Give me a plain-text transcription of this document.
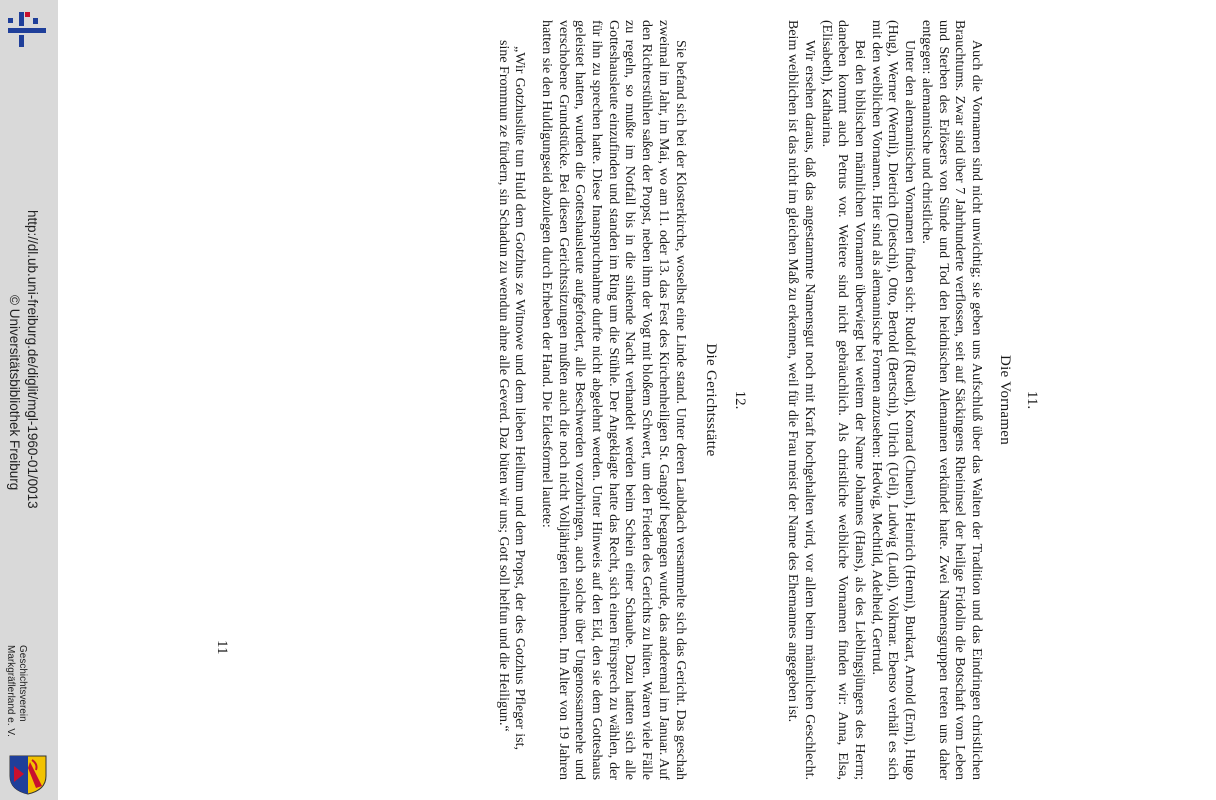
http://dl.ub.uni-freiburg.de/diglit/mgl-1960-01/0013
© Universitätsbibliothek Freiburg
Geschichtsverein
Markgräflerland e. V.

11.

Die Vornamen

Auch die Vornamen sind nicht unwichtig; sie geben uns Aufschluß über das Walten der Tradition und das Eindringen christlichen Brauchtums. Zwar sind über 7 Jahrhunderte verflossen, seit auf Säckingens Rheininsel der heilige Fridolin die Botschaft vom Leben und Sterben des Erlösers von Sünde und Tod den heidnischen Alemannen verkündet hatte. Zwei Namensgruppen treten uns daher entgegen: alemannische und christliche.

Unter den alemannischen Vornamen finden sich: Rudolf (Ruedi), Konrad (Chueni), Heinrich (Henni), Burkart, Arnold (Erni), Hugo (Hug), Werner (Wernli), Dietrich (Dietschi), Otto, Bertold (Bertschi), Ulrich (Ueli), Ludwig (Ludi), Volkmar. Ebenso verhält es sich mit den weiblichen Vornamen. Hier sind als alemannische Formen anzusehen: Hedwig, Mechtild, Adelheid, Gertrud.

Bei den biblischen männlichen Vornamen überwiegt bei weitem der Name Johannes (Hans), als des Lieblingsjüngers des Herrn; daneben kommt auch Petrus vor. Weitere sind nicht gebräuchlich. Als christliche weibliche Vornamen finden wir: Anna, Elsa, (Elisabeth), Katharina.

Wir ersehen daraus, daß das angestammte Namensgut noch mit Kraft hochgehalten wird, vor allem beim männlichen Geschlecht. Beim weiblichen ist das nicht im gleichen Maß zu erkennen, weil für die Frau meist der Name des Ehemannes angegeben ist.

12.

Die Gerichtsstätte

Sie befand sich bei der Klosterkirche, woselbst eine Linde stand. Unter deren Laubdach versammelte sich das Gericht. Das geschah zweimal im Jahr, im Mai, wo am 11. oder 13. das Fest des Kirchenheiligen St. Gangolf begangen wurde, das anderemal im Januar. Auf den Richterstühlen saßen der Propst, neben ihm der Vogt mit bloßem Schwert, um den Frieden des Gerichts zu hüten. Waren viele Fälle zu regeln, so mußte im Notfall bis in die sinkende Nacht verhandelt werden beim Schein einer Schaube. Dazu hatten sich alle Gotteshausleute einzufinden und standen im Ring um die Stühle. Der Angeklagte hatte das Recht, sich einen Fürsprech zu wählen, der für ihn zu sprechen hatte. Diese Inanspruchnahme durfte nicht abgelehnt werden. Unter Hinweis auf den Eid, den sie dem Gotteshaus geleistet hatten, wurden die Gotteshausleute aufgefordert, alle Beschwerden vorzubringen, auch solche über Ungenossamenehe und verschobene Grundstücke. Bei diesen Gerichtssitzungen mußten auch die noch nicht Volljährigen teilnehmen. Im Alter von 19 Jahren hatten sie den Huldigungseid abzulegen durch Erheben der Hand. Die Eidesformel lautete:

„Wir Gotzhuslüte tun Huld dem Gotzhus ze Witnowe und dem lieben Heiltum und dem Propst, der des Gotzhus Pfleger ist, sine Frommun ze fürdern, sin Schadun zu wendun ahne alle Geverd. Daz büten wir uns; Gott soll helfun und die Heiligun.“

11
